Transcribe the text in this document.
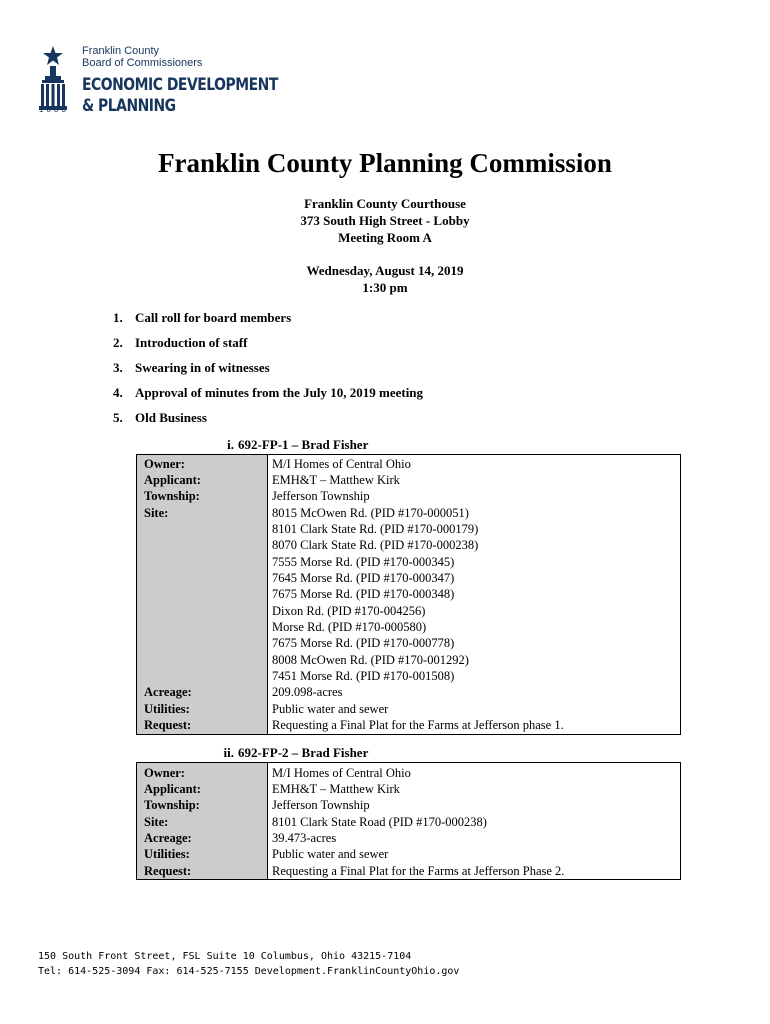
Franklin County
Board of Commissioners
ECONOMIC DEVELOPMENT
& PLANNING
1803
Franklin County Planning Commission
Franklin County Courthouse
373 South High Street - Lobby
Meeting Room A
Wednesday, August 14, 2019
1:30 pm
1. Call roll for board members
2. Introduction of staff
3. Swearing in of witnesses
4. Approval of minutes from the July 10, 2019 meeting
5. Old Business
i. 692-FP-1 – Brad Fisher
Owner:
Applicant:
Township:
Site:
Acreage:
Utilities:
Request:
M/I Homes of Central Ohio
EMH&T – Matthew Kirk
Jefferson Township
8015 McOwen Rd. (PID #170-000051)
8101 Clark State Rd. (PID #170-000179)
8070 Clark State Rd. (PID #170-000238)
7555 Morse Rd. (PID #170-000345)
7645 Morse Rd. (PID #170-000347)
7675 Morse Rd. (PID #170-000348)
Dixon Rd. (PID #170-004256)
Morse Rd. (PID #170-000580)
7675 Morse Rd. (PID #170-000778)
8008 McOwen Rd. (PID #170-001292)
7451 Morse Rd. (PID #170-001508)
209.098-acres
Public water and sewer
Requesting a Final Plat for the Farms at Jefferson phase 1.
ii. 692-FP-2 – Brad Fisher
Owner:
Applicant:
Township:
Site:
Acreage:
Utilities:
Request:
M/I Homes of Central Ohio
EMH&T – Matthew Kirk
Jefferson Township
8101 Clark State Road (PID #170-000238)
39.473-acres
Public water and sewer
Requesting a Final Plat for the Farms at Jefferson Phase 2.
150 South Front Street, FSL Suite 10 Columbus, Ohio 43215-7104
Tel: 614-525-3094 Fax: 614-525-7155 Development.FranklinCountyOhio.gov
